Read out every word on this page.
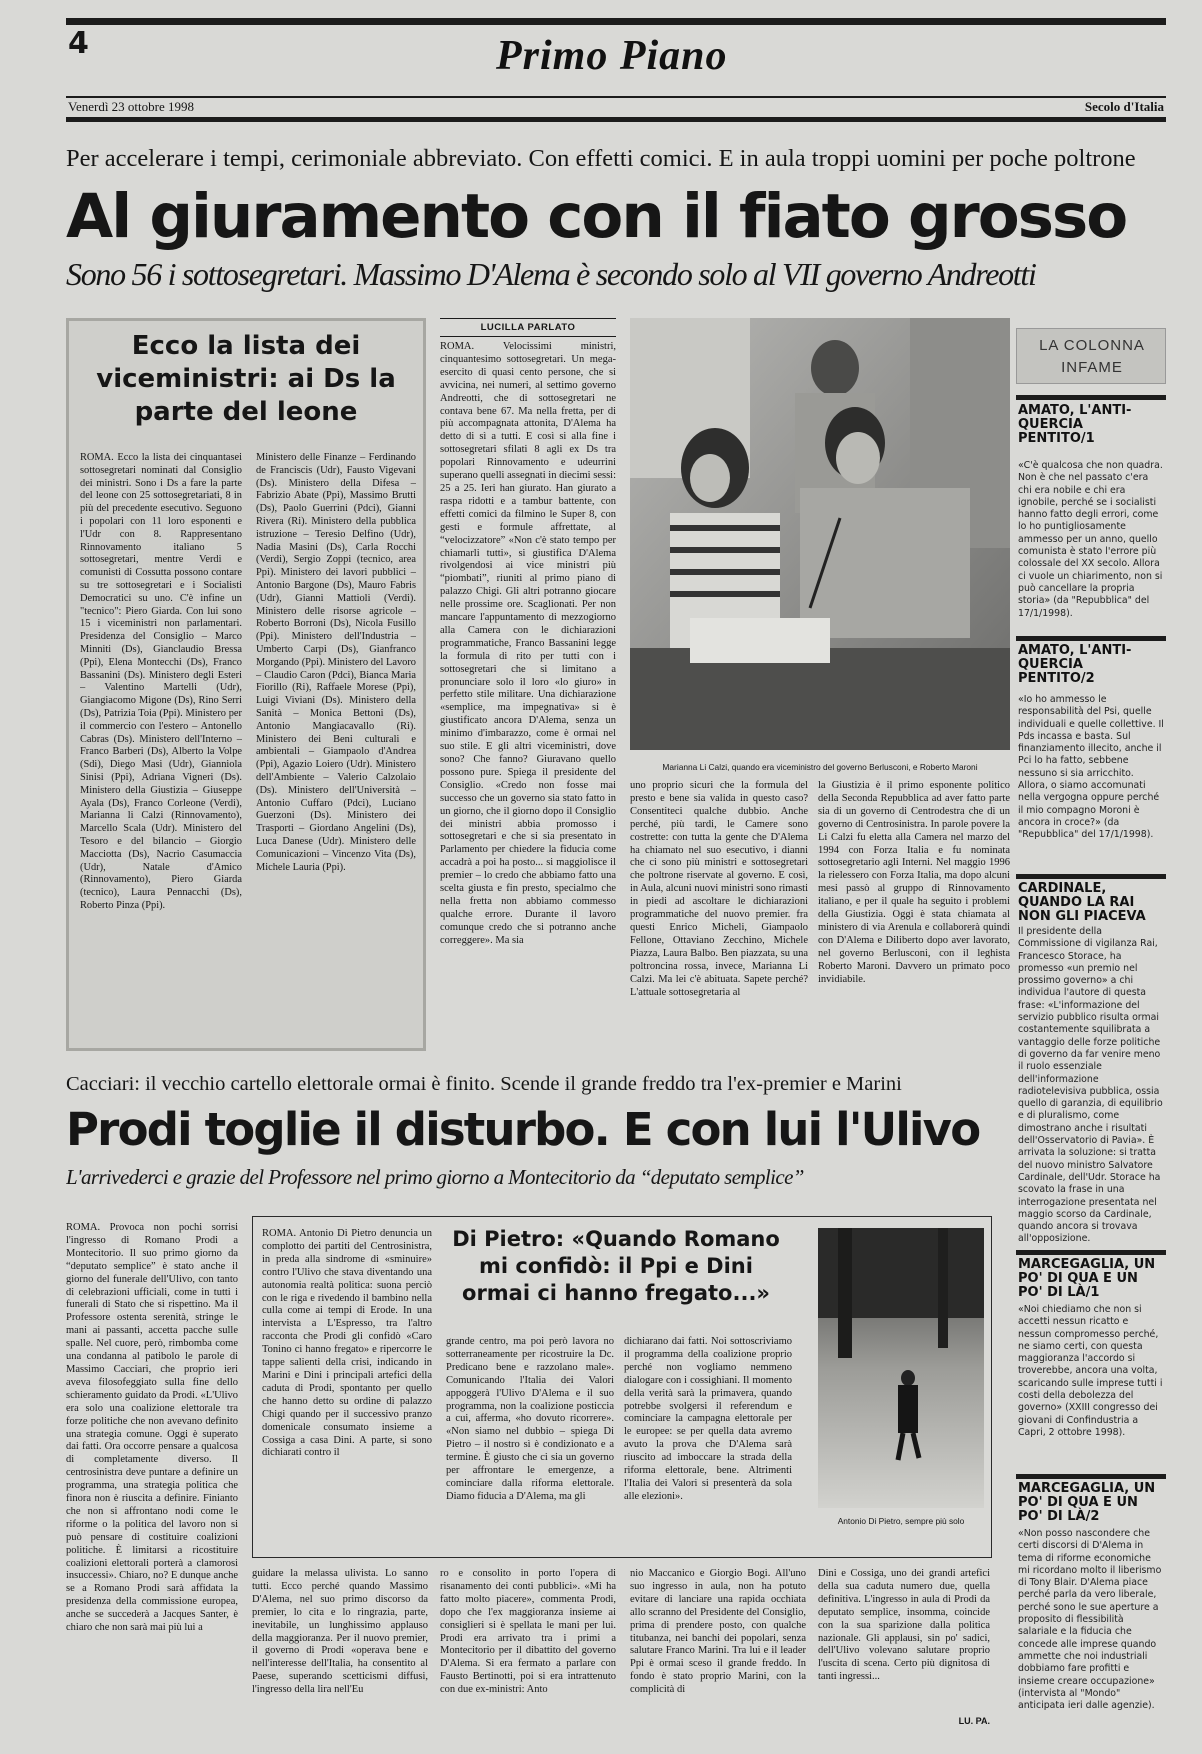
4	Primo Piano
Venerdì 23 ottobre 1998	Secolo d'Italia
Per accelerare i tempi, cerimoniale abbreviato. Con effetti comici. E in aula troppi uomini per poche poltrone
Al giuramento con il fiato grosso
Sono 56 i sottosegretari. Massimo D'Alema è secondo solo al VII governo Andreotti
Ecco la lista dei viceministri: ai Ds la parte del leone

ROMA. Ecco la lista dei cinquantasei sottosegretari nominati dal Consiglio dei ministri. Sono i Ds a fare la parte del leone con 25 sottosegretariati, 8 in più del precedente esecutivo. Seguono i popolari con 11 loro esponenti e l'Udr con 8. Rappresentano Rinnovamento italiano 5 sottosegretari, mentre Verdi e comunisti di Cossutta possono contare su tre sottosegretari e i Socialisti Democratici su uno. C'è infine un "tecnico": Piero Giarda. Con lui sono 15 i viceministri non parlamentari. Presidenza del Consiglio – Marco Minniti (Ds), Gianclaudio Bressa (Ppi), Elena Montecchi (Ds), Franco Bassanini (Ds). Ministero degli Esteri – Valentino Martelli (Udr), Giangiacomo Migone (Ds), Rino Serri (Ds), Patrizia Toia (Ppi). Ministero per il commercio con l'estero – Antonello Cabras (Ds). Ministero dell'Interno – Franco Barberi (Ds), Alberto la Volpe (Sdi), Diego Masi (Udr), Gianniola Sinisi (Ppi), Adriana Vigneri (Ds). Ministero della Giustizia – Giuseppe Ayala (Ds), Franco Corleone (Verdi), Marianna li Calzi (Rinnovamento), Marcello Scala (Udr). Ministero del Tesoro e del bilancio – Giorgio Macciotta (Ds), Nacrio Casumaccia (Udr), Natale d'Amico (Rinnovamento), Piero Giarda (tecnico), Laura Pennacchi (Ds), Roberto Pinza (Ppi).

Ministero delle Finanze – Ferdinando de Franciscis (Udr), Fausto Vigevani (Ds). Ministero della Difesa – Fabrizio Abate (Ppi), Massimo Brutti (Ds), Paolo Guerrini (Pdci), Gianni Rivera (Ri). Ministero della pubblica istruzione – Teresio Delfino (Udr), Nadia Masini (Ds), Carla Rocchi (Verdi), Sergio Zoppi (tecnico, area Ppi). Ministero dei lavori pubblici – Antonio Bargone (Ds), Mauro Fabris (Udr), Gianni Mattioli (Verdi). Ministero delle risorse agricole – Roberto Borroni (Ds), Nicola Fusillo (Ppi). Ministero dell'Industria – Umberto Carpi (Ds), Gianfranco Morgando (Ppi). Ministero del Lavoro – Claudio Caron (Pdci), Bianca Maria Fiorillo (Ri), Raffaele Morese (Ppi), Luigi Viviani (Ds). Ministero della Sanità – Monica Bettoni (Ds), Antonio Mangiacavallo (Ri). Ministero dei Beni culturali e ambientali – Giampaolo d'Andrea (Ppi), Agazio Loiero (Udr). Ministero dell'Ambiente – Valerio Calzolaio (Ds). Ministero dell'Università – Antonio Cuffaro (Pdci), Luciano Guerzoni (Ds). Ministero dei Trasporti – Giordano Angelini (Ds), Luca Danese (Udr). Ministero delle Comunicazioni – Vincenzo Vita (Ds), Michele Lauria (Ppi).

LUCILLA PARLATO

ROMA. Velocissimi ministri, cinquantesimo sottosegretari. Un mega-esercito di quasi cento persone, che si avvicina, nei numeri, al settimo governo Andreotti, che di sottosegretari ne contava bene 67. Ma nella fretta, per di più accompagnata attonita, D'Alema ha detto di sì a tutti. E così si alla fine i sottosegretari sfilati 8 agli ex Ds tra popolari Rinnovamento e udeurrini superano quelli assegnati in diecimi sessi: 25 a 25. Ieri han giurato. Han giurato a raspa ridotti e a tambur battente, con effetti comici da filmino le Super 8, con gesti e formule affrettate, al “velocizzatore” «Non c'è stato tempo per chiamarli tutti», si giustifica D'Alema rivolgendosi ai vice ministri più “piombati”, riuniti al primo piano di palazzo Chigi. Gli altri potranno giocare nelle prossime ore. Scaglionati. Per non mancare l'appuntamento di mezzogiorno alla Camera con le dichiarazioni programmatiche, Franco Bassanini legge la formula di rito per tutti con i sottosegretari che si limitano a pronunciare solo il loro «lo giuro» in perfetto stile militare. Una dichiarazione «semplice, ma impegnativa» si è giustificato ancora D'Alema, senza un minimo d'imbarazzo, come è ormai nel suo stile. E gli altri viceministri, dove sono? Che fanno? Giuravano quello possono pure. Spiega il presidente del Consiglio. «Credo non fosse mai successo che un governo sia stato fatto in un giorno, che il giorno dopo il Consiglio dei ministri abbia promosso i sottosegretari e che si sia presentato in Parlamento per chiedere la fiducia come accadrà a poi ha posto... si maggiolisce il premier – lo credo che abbiamo fatto una scelta giusta e fin presto, specialmo che nella fretta non abbiamo commesso qualche errore. Durante il lavoro comunque credo che si potranno anche correggere». Ma sia

Marianna Li Calzi, quando era viceministro del governo Berlusconi, e Roberto Maroni

uno proprio sicuri che la formula del presto e bene sia valida in questo caso? Consentiteci qualche dubbio. Anche perché, più tardi, le Camere sono costrette: con tutta la gente che D'Alema ha chiamato nel suo esecutivo, i dianni che ci sono più ministri e sottosegretari che poltrone riservate al governo. E così, in Aula, alcuni nuovi ministri sono rimasti in piedi ad ascoltare le dichiarazioni programmatiche del nuovo premier. fra questi Enrico Micheli, Giampaolo Fellone, Ottaviano Zecchino, Michele Piazza, Laura Balbo. Ben piazzata, su una poltroncina rossa, invece, Marianna Li Calzi. Ma lei c'è abituata. Sapete perché? L'attuale sottosegretaria al

la Giustizia è il primo esponente politico della Seconda Repubblica ad aver fatto parte sia di un governo di Centrodestra che di un governo di Centrosinistra. In parole povere la Li Calzi fu eletta alla Camera nel marzo del 1994 con Forza Italia e fu nominata sottosegretario agli Interni. Nel maggio 1996 la rielessero con Forza Italia, ma dopo alcuni mesi passò al gruppo di Rinnovamento italiano, e per il quale ha seguito i problemi della Giustizia. Oggi è stata chiamata al ministero di via Arenula e collaborerà quindi con D'Alema e Diliberto dopo aver lavorato, nel governo Berlusconi, con il leghista Roberto Maroni. Davvero un primato poco invidiabile.

Cacciari: il vecchio cartello elettorale ormai è finito. Scende il grande freddo tra l'ex-premier e Marini
Prodi toglie il disturbo. E con lui l'Ulivo
L'arrivederci e grazie del Professore nel primo giorno a Montecitorio da “deputato semplice”

ROMA. Provoca non pochi sorrisi l'ingresso di Romano Prodi a Montecitorio. Il suo primo giorno da “deputato semplice” è stato anche il giorno del funerale dell'Ulivo, con tanto di celebrazioni ufficiali, come in tutti i funerali di Stato che si rispettino. Ma il Professore ostenta serenità, stringe le mani ai passanti, accetta pacche sulle spalle. Nel cuore, però, rimbomba come una condanna al patibolo le parole di Massimo Cacciari, che proprio ieri aveva filosofeggiato sulla fine dello schieramento guidato da Prodi. «L'Ulivo era solo una coalizione elettorale tra forze politiche che non avevano definito una strategia comune. Oggi è superato dai fatti. Ora occorre pensare a qualcosa di completamente diverso. Il centrosinistra deve puntare a definire un programma, una strategia politica che finora non è riuscita a definire. Finianto che non si affrontano nodi come le riforme o la politica del lavoro non si può pensare di costituire coalizioni politiche. È limitarsi a ricostituire coalizioni elettorali porterà a clamorosi insuccessi». Chiaro, no? E dunque anche se a Romano Prodi sarà affidata la presidenza della commissione europea, anche se succederà a Jacques Santer, è chiaro che non sarà mai più lui a

ROMA. Antonio Di Pietro denuncia un complotto dei partiti del Centrosinistra, in preda alla sindrome di «sminuire» contro l'Ulivo che stava diventando una autonomia realtà politica: suona perciò con le riga e rivedendo il bambino nella culla come ai tempi di Erode. In una intervista a L'Espresso, tra l'altro racconta che Prodi gli confidò «Caro Tonino ci hanno fregato» e ripercorre le tappe salienti della crisi, indicando in Marini e Dini i principali artefici della caduta di Prodi, spontanto per quello che hanno detto su ordine di palazzo Chigi quando per il successivo pranzo domenicale consumato insieme a Cossiga a casa Dini. A parte, si sono dichiarati contro il

Di Pietro: «Quando Romano mi confidò: il Ppi e Dini ormai ci hanno fregato...»

grande centro, ma poi però lavora no sotterraneamente per ricostruire la Dc. Predicano bene e razzolano male». Comunicando l'Italia dei Valori appoggerà l'Ulivo D'Alema e il suo programma, non la coalizione posticcia a cui, afferma, «ho dovuto ricorrere». «Non siamo nel dubbio – spiega Di Pietro – il nostro sì è condizionato e a termine. È giusto che ci sia un governo per affrontare le emergenze, a cominciare dalla riforma elettorale. Diamo fiducia a D'Alema, ma gli

dichiarano dai fatti. Noi sottoscriviamo il programma della coalizione proprio perché non vogliamo nemmeno dialogare con i cossighiani. Il momento della verità sarà la primavera, quando potrebbe svolgersi il referendum e cominciare la campagna elettorale per le europee: se per quella data avremo avuto la prova che D'Alema sarà riuscito ad imboccare la strada della riforma elettorale, bene. Altrimenti l'Italia dei Valori si presenterà da sola alle elezioni».

Antonio Di Pietro, sempre più solo

guidare la melassa ulivista. Lo sanno tutti. Ecco perché quando Massimo D'Alema, nel suo primo discorso da premier, lo cita e lo ringrazia, parte, inevitabile, un lunghissimo applauso della maggioranza. Per il nuovo premier, il governo di Prodi «operava bene e nell'interesse dell'Italia, ha consentito al Paese, superando scetticismi diffusi, l'ingresso della lira nell'Eu

ro e consolito in porto l'opera di risanamento dei conti pubblici». «Mi ha fatto molto piacere», commenta Prodi, dopo che l'ex maggioranza insieme ai consiglieri si è spellata le mani per lui. Prodi era arrivato tra i primi a Montecitorio per il dibattito del governo D'Alema. Si era fermato a parlare con Fausto Bertinotti, poi si era intrattenuto con due ex-ministri: Anto

nio Maccanico e Giorgio Bogi. All'uno suo ingresso in aula, non ha potuto evitare di lanciare una rapida occhiata allo scranno del Presidente del Consiglio, prima di prendere posto, con qualche titubanza, nei banchi dei popolari, senza salutare Franco Marini. Tra lui e il leader Ppi è ormai sceso il grande freddo. In fondo è stato proprio Marini, con la complicità di

Dini e Cossiga, uno dei grandi artefici della sua caduta numero due, quella definitiva. L'ingresso in aula di Prodi da deputato semplice, insomma, coincide con la sua sparizione dalla politica nazionale. Gli applausi, sin po' sadici, dell'Ulivo volevano salutare proprio l'uscita di scena. Certo più dignitosa di tanti ingressi...

LU. PA.
LA COLONNA
INFAME
AMATO, L'ANTI-QUERCIA PENTITO/1
«C'è qualcosa che non quadra. Non è che nel passato c'era chi era nobile e chi era ignobile, perché se i socialisti hanno fatto degli errori, come lo ho puntigliosamente ammesso per un anno, quello comunista è stato l'errore più colossale del XX secolo. Allora ci vuole un chiarimento, non si può cancellare la propria storia» (da "Repubblica" del 17/1/1998).
AMATO, L'ANTI-QUERCIA PENTITO/2
«Io ho ammesso le responsabilità del Psi, quelle individuali e quelle collettive. Il Pds incassa e basta. Sul finanziamento illecito, anche il Pci lo ha fatto, sebbene nessuno si sia arricchito. Allora, o siamo accomunati nella vergogna oppure perché il mio compagno Moroni è ancora in croce?» (da "Repubblica" del 17/1/1998).
CARDINALE, QUANDO LA RAI NON GLI PIACEVA
Il presidente della Commissione di vigilanza Rai, Francesco Storace, ha promesso «un premio nel prossimo governo» a chi individua l'autore di questa frase: «L'informazione del servizio pubblico risulta ormai costantemente squilibrata a vantaggio delle forze politiche di governo da far venire meno il ruolo essenziale dell'informazione radiotelevisiva pubblica, ossia quello di garanzia, di equilibrio e di pluralismo, come dimostrano anche i risultati dell'Osservatorio di Pavia». È arrivata la soluzione: si tratta del nuovo ministro Salvatore Cardinale, dell'Udr. Storace ha scovato la frase in una interrogazione presentata nel maggio scorso da Cardinale, quando ancora si trovava all'opposizione.
MARCEGAGLIA, UN PO' DI QUA E UN PO' DI LÀ/1
«Noi chiediamo che non si accetti nessun ricatto e nessun compromesso perché, ne siamo certi, con questa maggioranza l'accordo si troverebbe, ancora una volta, scaricando sulle imprese tutti i costi della debolezza del governo» (XXIII congresso dei giovani di Confindustria a Capri, 2 ottobre 1998).
MARCEGAGLIA, UN PO' DI QUA E UN PO' DI LÀ/2
«Non posso nascondere che certi discorsi di D'Alema in tema di riforme economiche mi ricordano molto il liberismo di Tony Blair. D'Alema piace perché parla da vero liberale, perché sono le sue aperture a proposito di flessibilità salariale e la fiducia che concede alle imprese quando ammette che noi industriali dobbiamo fare profitti e insieme creare occupazione» (intervista al "Mondo" anticipata ieri dalle agenzie).
